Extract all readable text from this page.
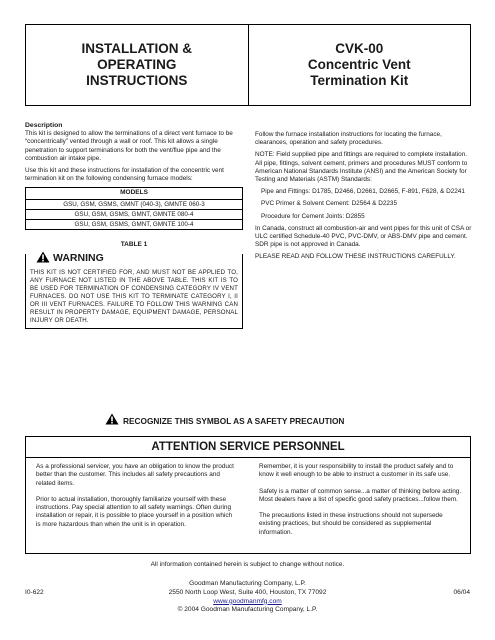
INSTALLATION &
OPERATING
INSTRUCTIONS
CVK-00
Concentric Vent
Termination Kit
Description

This kit is designed to allow the terminations of a direct vent furnace to be “concentrically” vented through a wall or roof. This kit allows a single penetration to support terminations for both the vent/flue pipe and the combustion air intake pipe.

Use this kit and these instructions for installation of the concentric vent termination kit on the following condensing furnace models:

MODELS
GSU, GSM, GSMS, GMNT (040-3), GMNTE 060-3
GSU, GSM, GSMS, GMNT, GMNTE 080-4
GSU, GSM, GSMS, GMNT, GMNTE 100-4
TABLE 1
WARNING
THIS KIT IS NOT CERTIFIED FOR, AND MUST NOT BE APPLIED TO, ANY FURNACE NOT LISTED IN THE ABOVE TABLE. THIS KIT IS TO BE USED FOR TERMINATION OF CONDENSING CATEGORY IV VENT FURNACES. DO NOT USE THIS KIT TO TERMINATE CATEGORY I, II OR III VENT FURNACES. FAILURE TO FOLLOW THIS WARNING CAN RESULT IN PROPERTY DAMAGE, EQUIPMENT DAMAGE, PERSONAL INJURY OR DEATH.

Follow the furnace installation instructions for locating the furnace, clearances, operation and safety procedures.

NOTE: Field supplied pipe and fittings are required to complete installation. All pipe, fittings, solvent cement, primers and procedures MUST conform to American National Standards Institute (ANSI) and the American Society for Testing and Materials (ASTM) Standards:

Pipe and Fittings: D1785, D2466, D2661, D2665, F-891, F628, & D2241

PVC Primer & Solvent Cement: D2564 & D2235

Procedure for Cement Joints: D2855

In Canada, construct all combustion-air and vent pipes for this unit of CSA or ULC certified Schedule-40 PVC, PVC-DMV, or ABS-DMV pipe and cement. SDR pipe is not approved in Canada.

PLEASE READ AND FOLLOW THESE INSTRUCTIONS CAREFULLY.

RECOGNIZE THIS SYMBOL AS A SAFETY PRECAUTION
ATTENTION SERVICE PERSONNEL

As a professional servicer, you have an obligation to know the product better than the customer. This includes all safety precautions and related items.

Prior to actual installation, thoroughly familiarize yourself with these instructions. Pay special attention to all safety warnings. Often during installation or repair, it is possible to place yourself in a position which is more hazardous than when the unit is in operation.

Remember, it is your responsibility to install the product safely and to know it well enough to be able to instruct a customer in its safe use.

Safety is a matter of common sense...a matter of thinking before acting. Most dealers have a list of specific good safety practices...follow them.

The precautions listed in these instructions should not supersede existing practices, but should be considered as supplemental information.

All information contained herein is subject to change without notice.
I0-622	06/04
Goodman Manufacturing Company, L.P.
2550 North Loop West, Suite 400, Houston, TX 77092
www.goodmanmfg.com
© 2004 Goodman Manufacturing Company, L.P.
